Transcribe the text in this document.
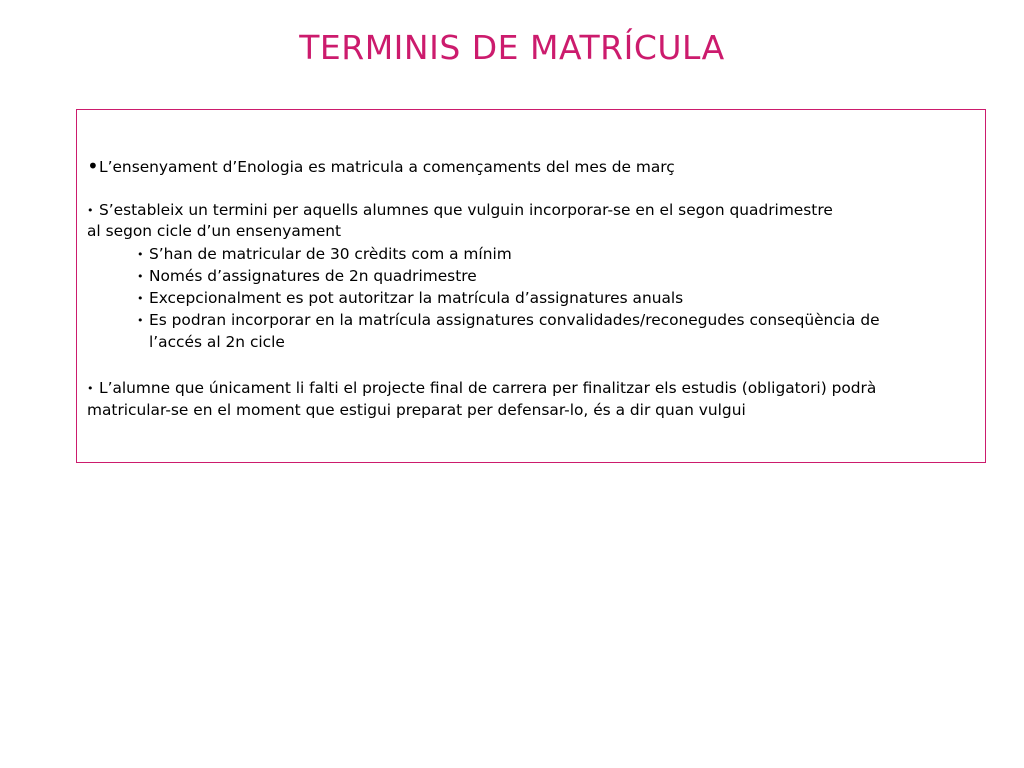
TERMINIS DE MATRÍCULA
•L’ensenyament d’Enologia es matricula a començaments del mes de març
• S’estableix un termini per aquells alumnes que vulguin incorporar-se en el segon quadrimestre
al segon cicle d’un ensenyament
• S’han de matricular de 30 crèdits com a mínim
• Només d’assignatures de 2n quadrimestre
• Excepcionalment es pot autoritzar la matrícula d’assignatures anuals
• Es podran incorporar en la matrícula assignatures convalidades/reconegudes conseqüència de
l’accés al 2n cicle
• L’alumne que únicament li falti el projecte final de carrera per finalitzar els estudis (obligatori) podrà
matricular-se en el moment que estigui preparat per defensar-lo, és a dir quan vulgui
